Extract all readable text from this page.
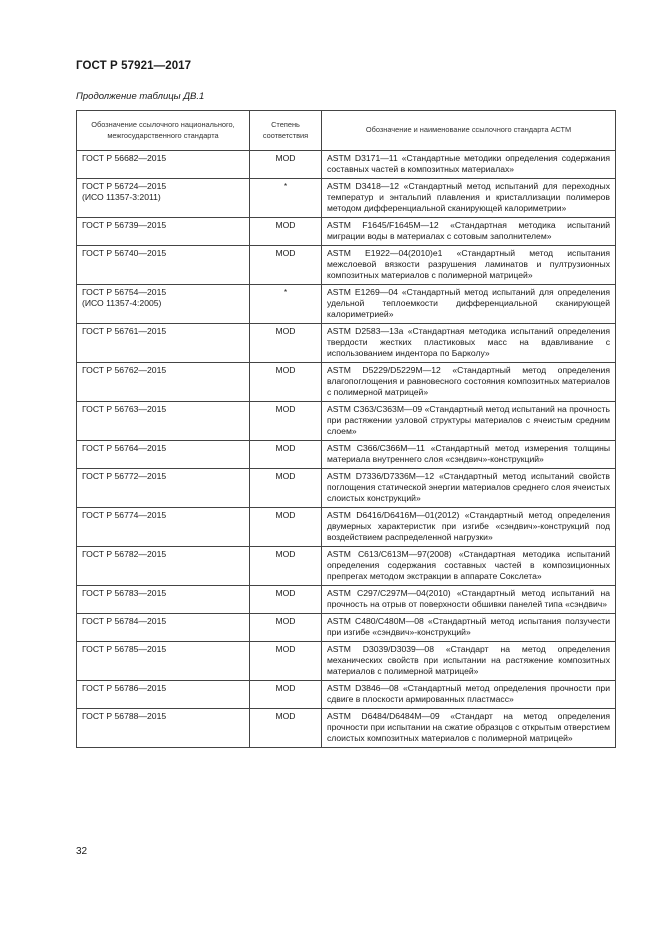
ГОСТ Р 57921—2017
Продолжение таблицы ДВ.1
Обозначение ссылочного национального, межгосударственного стандарта	Степень соответствия	Обозначение и наименование ссылочного стандарта АСТМ
ГОСТ Р 56682—2015	MOD	ASTM D3171—11 «Стандартные методики определения содержания составных частей в композитных материалах»
ГОСТ Р 56724—2015
(ИСО 11357-3:2011)	*	ASTM D3418—12 «Стандартный метод испытаний для переходных температур и энтальпий плавления и кристаллизации полимеров методом дифференциальной сканирующей калориметрии»
ГОСТ Р 56739—2015	MOD	ASTM F1645/F1645M—12 «Стандартная методика испытаний миграции воды в материалах с сотовым заполнителем»
ГОСТ Р 56740—2015	MOD	ASTM E1922—04(2010)e1 «Стандартный метод испытания межслоевой вязкости разрушения ламинатов и пултрузионных композитных материалов с полимерной матрицей»
ГОСТ Р 56754—2015
(ИСО 11357-4:2005)	*	ASTM E1269—04 «Стандартный метод испытаний для определения удельной теплоемкости дифференциальной сканирующей калориметрией»
ГОСТ Р 56761—2015	MOD	ASTM D2583—13а «Стандартная методика испытаний определения твердости жестких пластиковых масс на вдавливание с использованием индентора по Барколу»
ГОСТ Р 56762—2015	MOD	ASTM D5229/D5229M—12 «Стандартный метод определения влагопоглощения и равновесного состояния композитных материалов с полимерной матрицей»
ГОСТ Р 56763—2015	MOD	ASTM C363/C363M—09 «Стандартный метод испытаний на прочность при растяжении узловой структуры материалов с ячеистым средним слоем»
ГОСТ Р 56764—2015	MOD	ASTM C366/C366M—11 «Стандартный метод измерения толщины материала внутреннего слоя «сэндвич»-конструкций»
ГОСТ Р 56772—2015	MOD	ASTM D7336/D7336M—12 «Стандартный метод испытаний свойств поглощения статической энергии материалов среднего слоя ячеистых слоистых конструкций»
ГОСТ Р 56774—2015	MOD	ASTM D6416/D6416M—01(2012) «Стандартный метод определения двумерных характеристик при изгибе «сэндвич»-конструкций под воздействием распределенной нагрузки»
ГОСТ Р 56782—2015	MOD	ASTM C613/C613M—97(2008) «Стандартная методика испытаний определения содержания составных частей в композиционных препрегах методом экстракции в аппарате Сокслета»
ГОСТ Р 56783—2015	MOD	ASTM C297/C297M—04(2010) «Стандартный метод испытаний на прочность на отрыв от поверхности обшивки панелей типа «сэндвич»
ГОСТ Р 56784—2015	MOD	ASTM C480/C480M—08 «Стандартный метод испытания ползучести при изгибе «сэндвич»-конструкций»
ГОСТ Р 56785—2015	MOD	ASTM D3039/D3039—08 «Стандарт на метод определения механических свойств при испытании на растяжение композитных материалов с полимерной матрицей»
ГОСТ Р 56786—2015	MOD	ASTM D3846—08 «Стандартный метод определения прочности при сдвиге в плоскости армированных пластмасс»
ГОСТ Р 56788—2015	MOD	ASTM D6484/D6484M—09 «Стандарт на метод определения прочности при испытании на сжатие образцов с открытым отверстием слоистых композитных материалов с полимерной матрицей»
32
